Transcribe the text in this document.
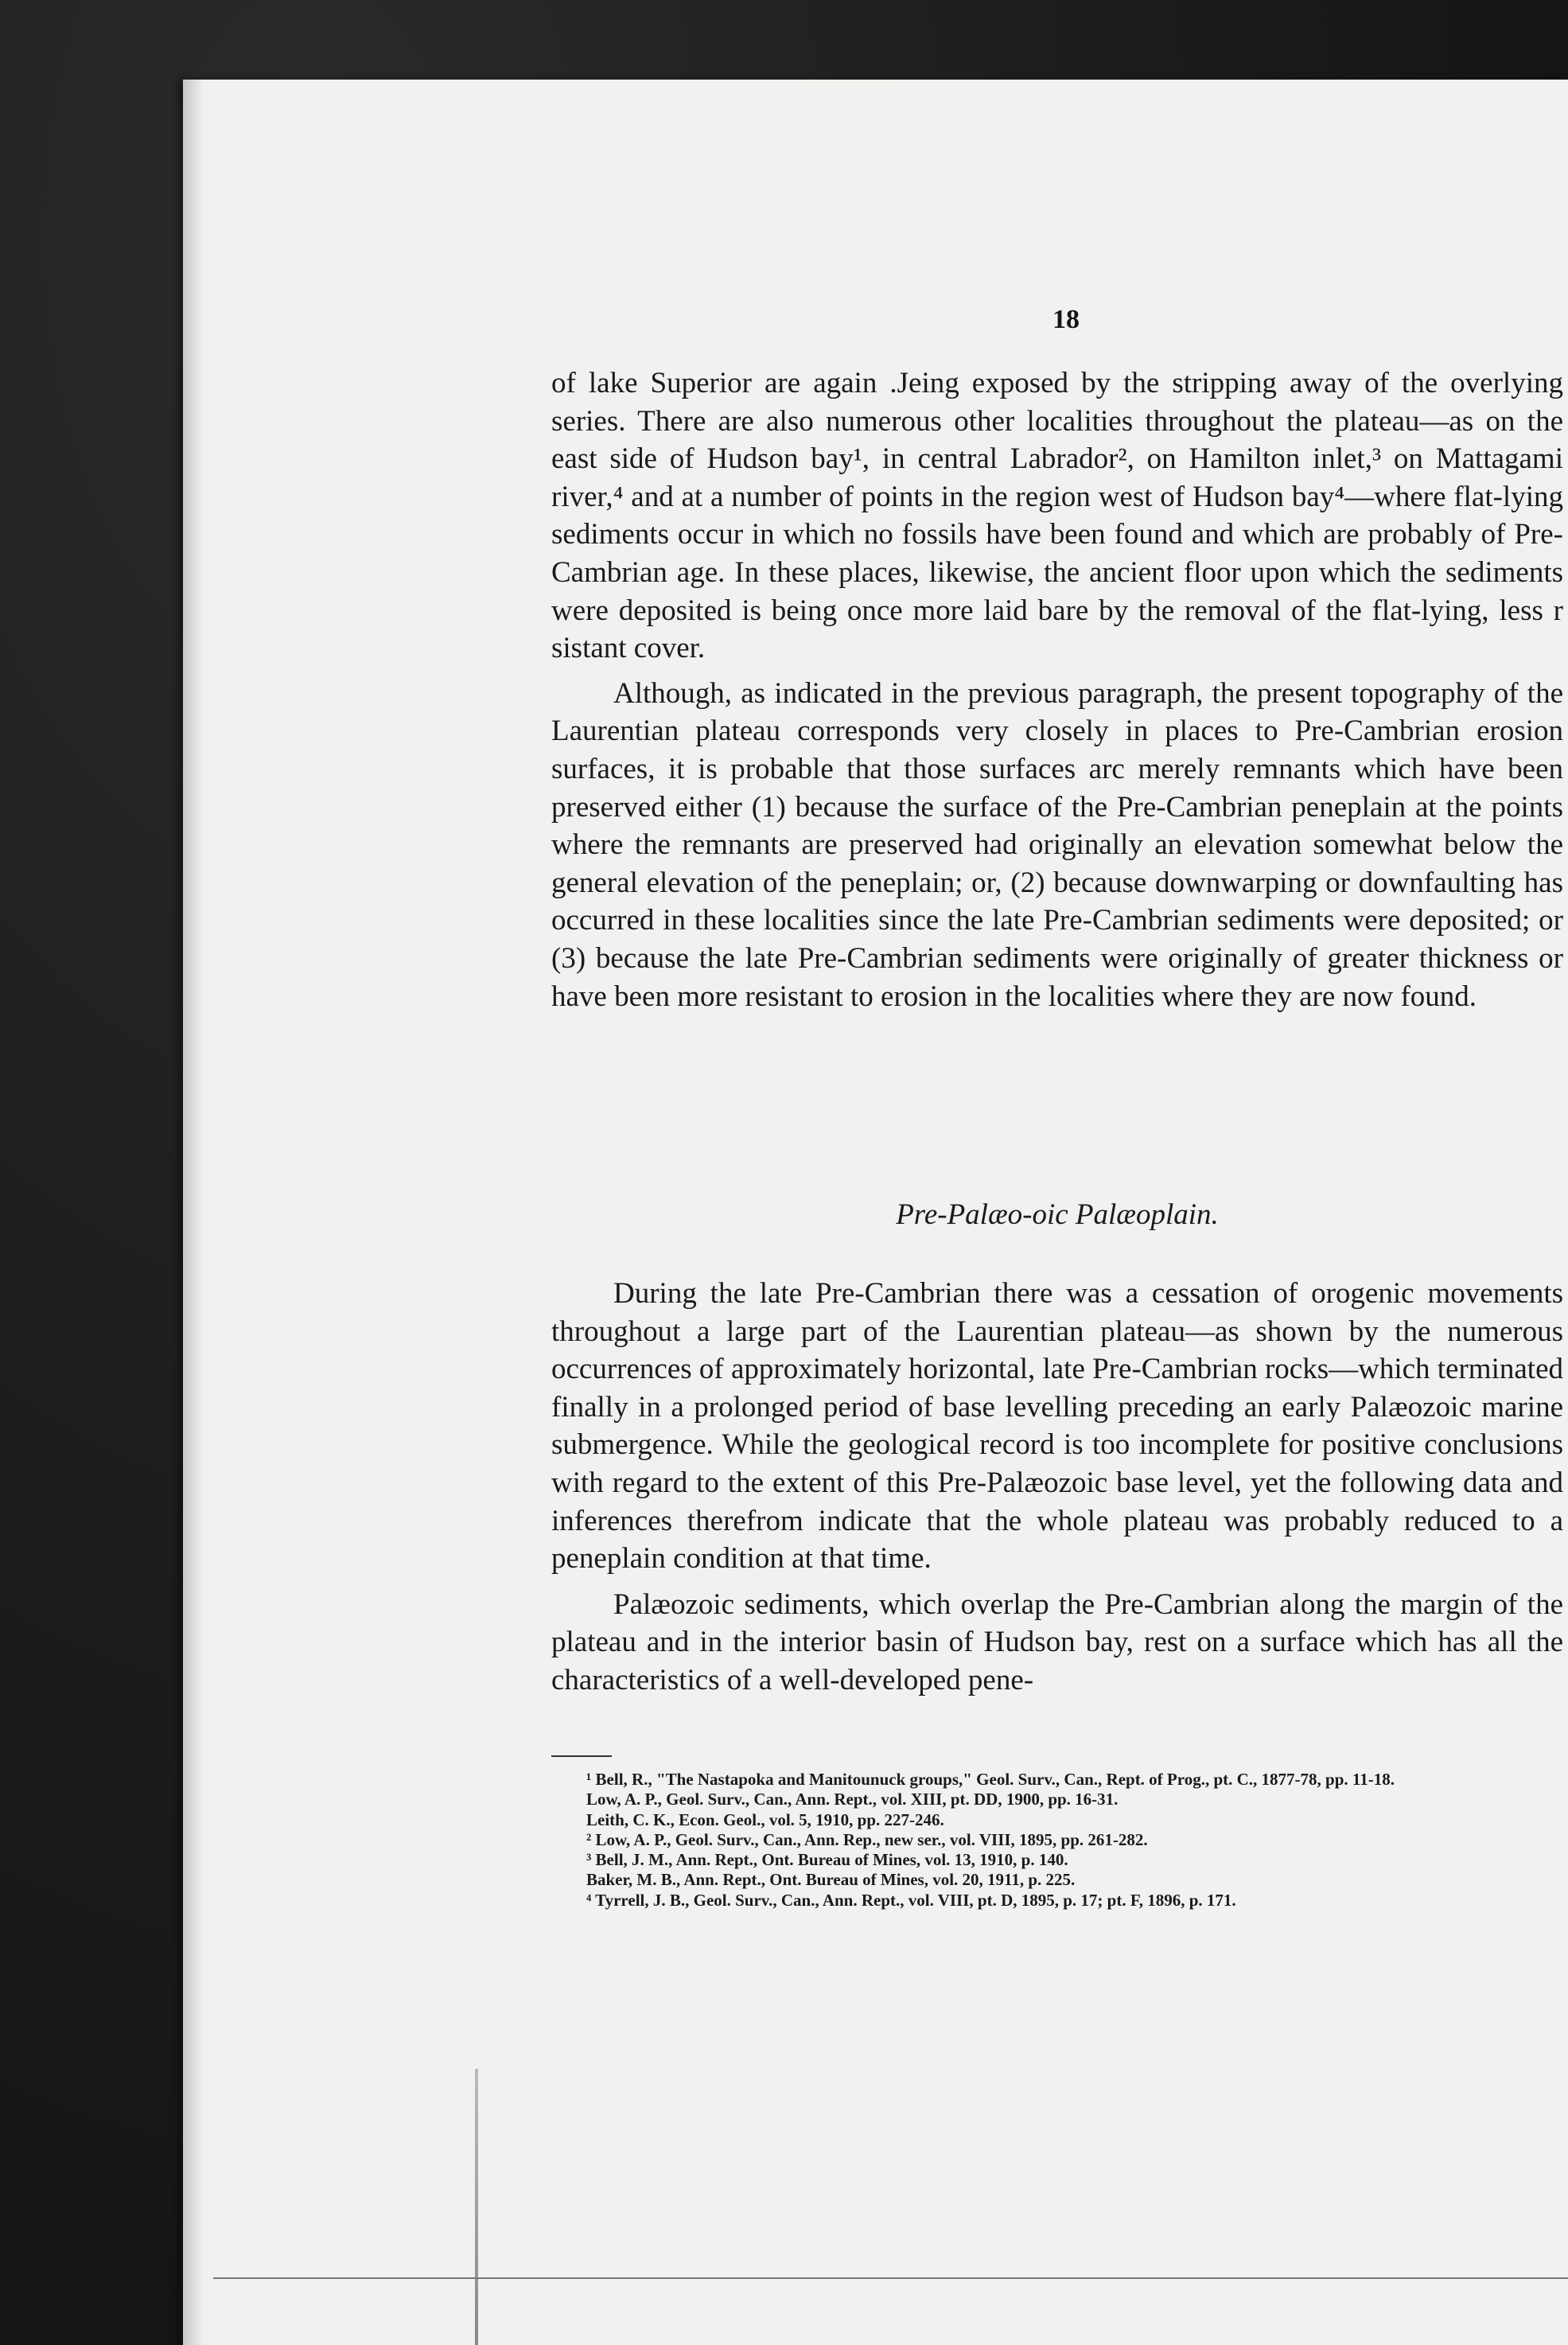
18

of lake Superior are again .Jeing exposed by the stripping away of the overlying series. There are also numerous other localities throughout the plateau—as on the east side of Hudson bay¹, in central Labrador², on Hamilton inlet,³ on Mattagami river,⁴ and at a number of points in the region west of Hudson bay⁴—where flat-lying sediments occur in which no fossils have been found and which are probably of Pre-Cambrian age. In these places, likewise, the ancient floor upon which the sediments were deposited is being once more laid bare by the removal of the flat-lying, less r sistant cover.

Although, as indicated in the previous paragraph, the present topography of the Laurentian plateau corresponds very closely in places to Pre-Cambrian erosion surfaces, it is probable that those surfaces arc merely remnants which have been preserved either (1) because the surface of the Pre-Cambrian peneplain at the points where the remnants are preserved had originally an elevation somewhat below the general elevation of the peneplain; or, (2) because downwarping or downfaulting has occurred in these localities since the late Pre-Cambrian sediments were deposited; or (3) because the late Pre-Cambrian sediments were originally of greater thickness or have been more resistant to erosion in the localities where they are now found.

Pre-Palæo-oic Palæoplain.

During the late Pre-Cambrian there was a cessation of orogenic movements throughout a large part of the Laurentian plateau—as shown by the numerous occurrences of approximately horizontal, late Pre-Cambrian rocks—which terminated finally in a prolonged period of base levelling preceding an early Palæozoic marine submergence. While the geological record is too incomplete for positive conclusions with regard to the extent of this Pre-Palæozoic base level, yet the following data and inferences therefrom indicate that the whole plateau was probably reduced to a peneplain condition at that time.

Palæozoic sediments, which overlap the Pre-Cambrian along the margin of the plateau and in the interior basin of Hudson bay, rest on a surface which has all the characteristics of a well-developed pene-

¹ Bell, R., "The Nastapoka and Manitounuck groups," Geol. Surv., Can., Rept. of Prog., pt. C., 1877-78, pp. 11-18.

Low, A. P., Geol. Surv., Can., Ann. Rept., vol. XIII, pt. DD, 1900, pp. 16-31.

Leith, C. K., Econ. Geol., vol. 5, 1910, pp. 227-246.

² Low, A. P., Geol. Surv., Can., Ann. Rep., new ser., vol. VIII, 1895, pp. 261-282.

³ Bell, J. M., Ann. Rept., Ont. Bureau of Mines, vol. 13, 1910, p. 140.

Baker, M. B., Ann. Rept., Ont. Bureau of Mines, vol. 20, 1911, p. 225.

⁴ Tyrrell, J. B., Geol. Surv., Can., Ann. Rept., vol. VIII, pt. D, 1895, p. 17; pt. F, 1896, p. 171.
